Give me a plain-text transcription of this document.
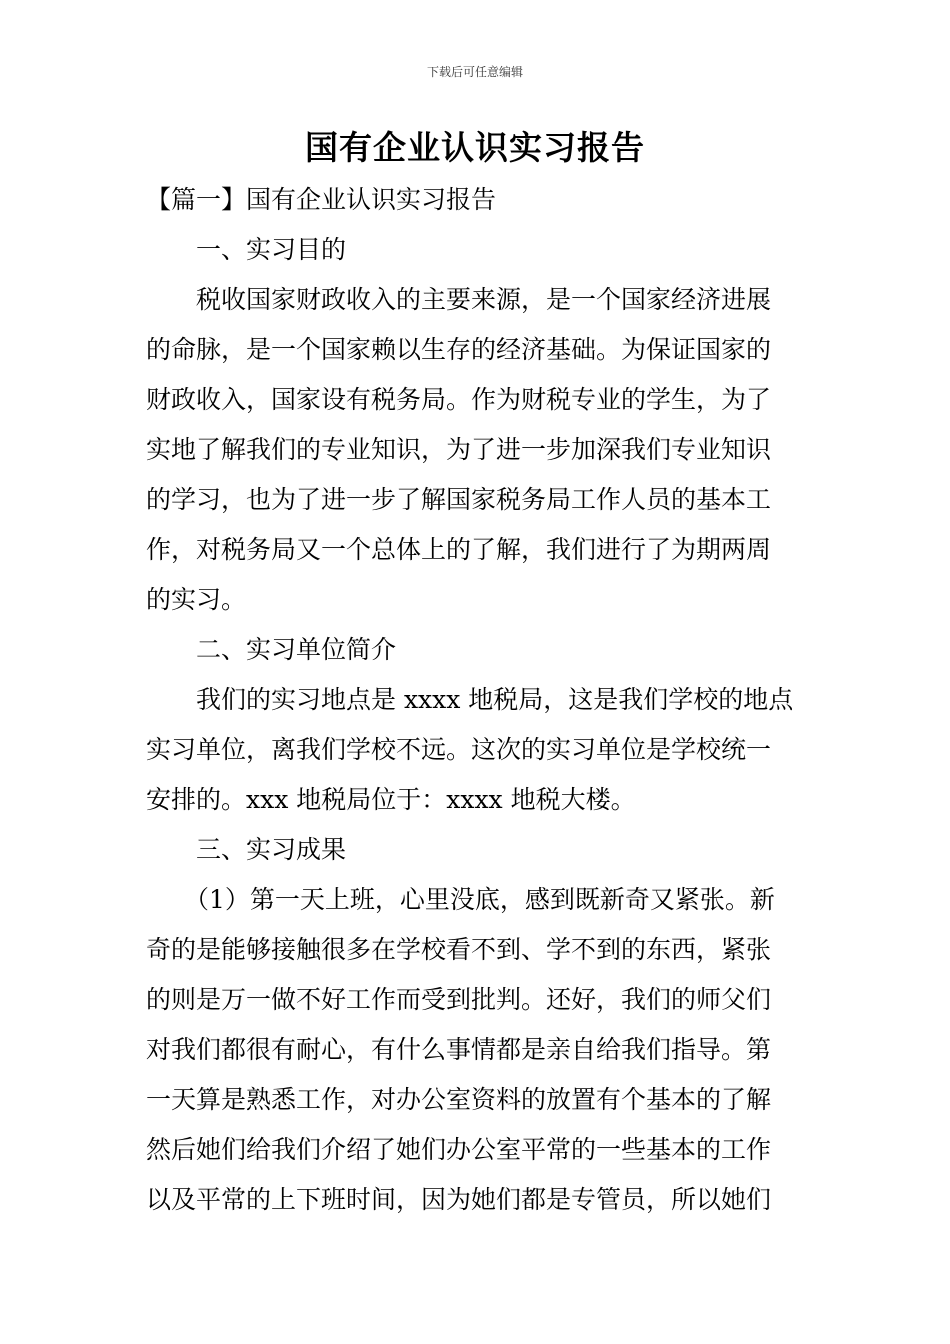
下载后可任意编辑
国有企业认识实习报告
【篇一】国有企业认识实习报告
一、实习目的
税收国家财政收入的主要来源，是一个国家经济进展
的命脉，是一个国家赖以生存的经济基础。为保证国家的
财政收入，国家设有税务局。作为财税专业的学生，为了
实地了解我们的专业知识，为了进一步加深我们专业知识
的学习，也为了进一步了解国家税务局工作人员的基本工
作，对税务局又一个总体上的了解，我们进行了为期两周
的实习。
二、实习单位简介
我们的实习地点是 xxxx 地税局，这是我们学校的地点
实习单位，离我们学校不远。这次的实习单位是学校统一
安排的。xxx 地税局位于：xxxx 地税大楼。
三、实习成果
（1）第一天上班，心里没底，感到既新奇又紧张。新
奇的是能够接触很多在学校看不到、学不到的东西，紧张
的则是万一做不好工作而受到批判。还好，我们的师父们
对我们都很有耐心，有什么事情都是亲自给我们指导。第
一天算是熟悉工作，对办公室资料的放置有个基本的了解
然后她们给我们介绍了她们办公室平常的一些基本的工作
以及平常的上下班时间，因为她们都是专管员，所以她们
